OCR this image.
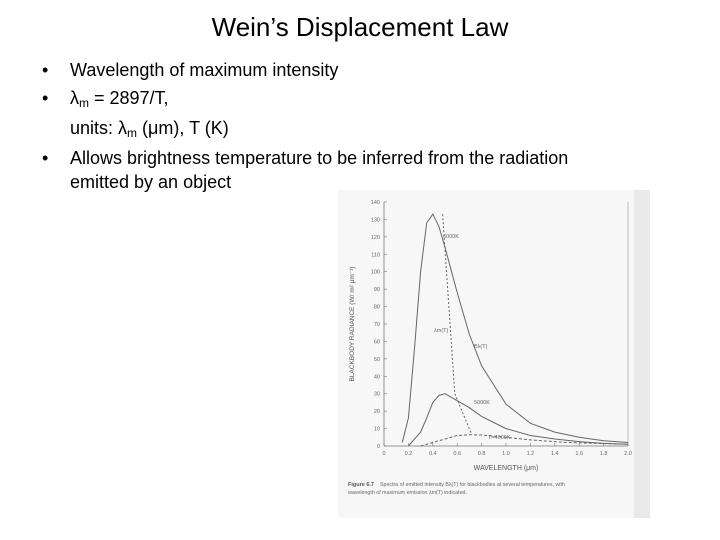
Wein’s Displacement Law
• Wavelength of maximum intensity
• $\lambda_m = 2897/T$,
units: $\lambda_m$ (μm), T (K)
• Allows brightness temperature to be inferred from the radiation
emitted by an object
0
10
20
30
40
50
60
70
80
90
100
110
120
130
140
0	0.2	0.4	0.6	0.8	1.0	1.2	1.4	1.6	1.8	2.0
BLACKBODY RADIANCE (W/ m² μm⁻¹)
WAVELENGTH (μm)
6000K
5000K
T=4000K
λm(T)
Bλ(T)
Figure 6.7 Spectra of emitted intensity Bλ(T) for blackbodies at several temperatures, with
wavelength of maximum emission λm(T) indicated.
